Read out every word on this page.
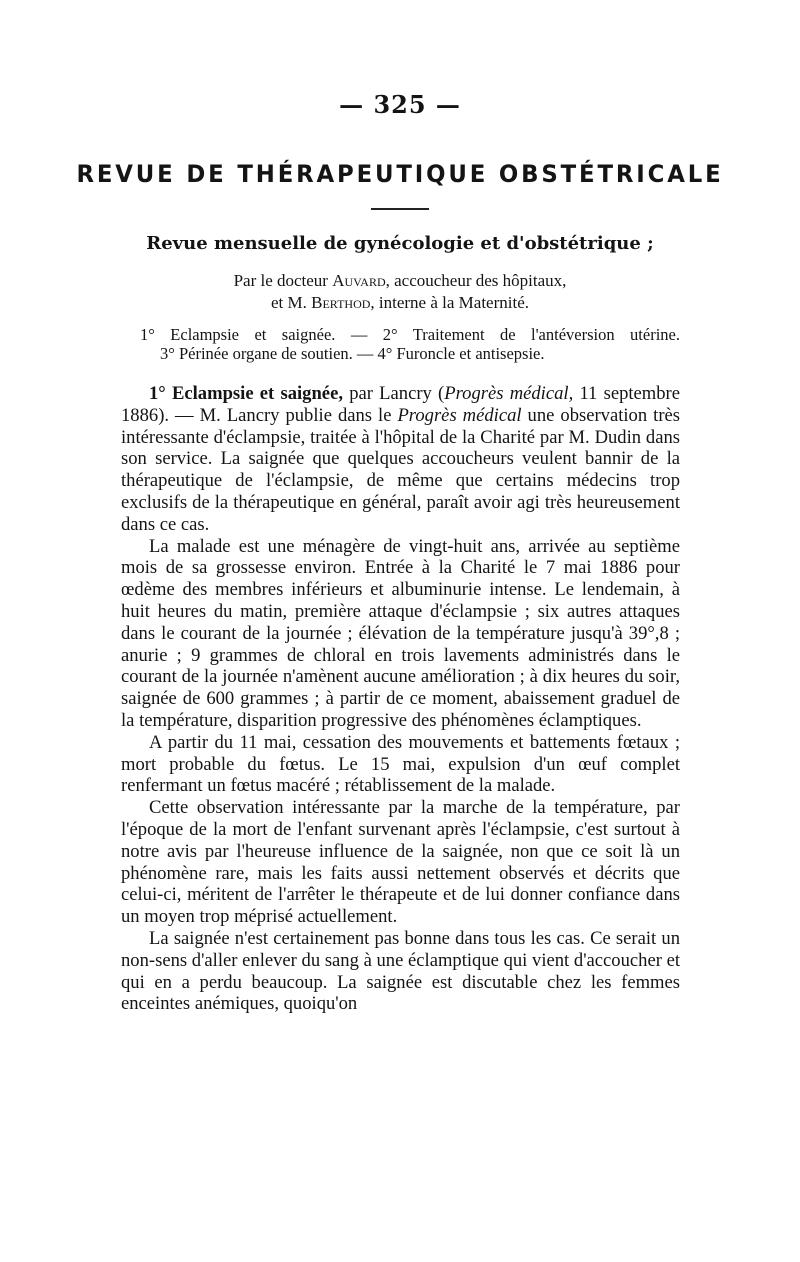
— 325 —
REVUE DE THÉRAPEUTIQUE OBSTÉTRICALE
Revue mensuelle de gynécologie et d'obstétrique ;
Par le docteur Auvard, accoucheur des hôpitaux,
et M. Berthod, interne à la Maternité.
1° Eclampsie et saignée. — 2° Traitement de l'antéversion utérine.
3° Périnée organe de soutien. — 4° Furoncle et antisepsie.

1° Eclampsie et saignée, par Lancry (Progrès médical, 11 septembre 1886). — M. Lancry publie dans le Progrès médical une observation très intéressante d'éclampsie, traitée à l'hôpital de la Charité par M. Dudin dans son service. La saignée que quelques accoucheurs veulent bannir de la thérapeutique de l'éclampsie, de même que certains médecins trop exclusifs de la thérapeutique en général, paraît avoir agi très heureusement dans ce cas.

La malade est une ménagère de vingt-huit ans, arrivée au septième mois de sa grossesse environ. Entrée à la Charité le 7 mai 1886 pour œdème des membres inférieurs et albuminurie intense. Le lendemain, à huit heures du matin, première attaque d'éclampsie ; six autres attaques dans le courant de la journée ; élévation de la température jusqu'à 39°,8 ; anurie ; 9 grammes de chloral en trois lavements administrés dans le courant de la journée n'amènent aucune amélioration ; à dix heures du soir, saignée de 600 grammes ; à partir de ce moment, abaissement graduel de la température, disparition progressive des phénomènes éclamptiques.

A partir du 11 mai, cessation des mouvements et battements fœtaux ; mort probable du fœtus. Le 15 mai, expulsion d'un œuf complet renfermant un fœtus macéré ; rétablissement de la malade.

Cette observation intéressante par la marche de la température, par l'époque de la mort de l'enfant survenant après l'éclampsie, c'est surtout à notre avis par l'heureuse influence de la saignée, non que ce soit là un phénomène rare, mais les faits aussi nettement observés et décrits que celui-ci, méritent de l'arrêter le thérapeute et de lui donner confiance dans un moyen trop méprisé actuellement.

La saignée n'est certainement pas bonne dans tous les cas. Ce serait un non-sens d'aller enlever du sang à une éclamptique qui vient d'accoucher et qui en a perdu beaucoup. La saignée est discutable chez les femmes enceintes anémiques, quoiqu'on
